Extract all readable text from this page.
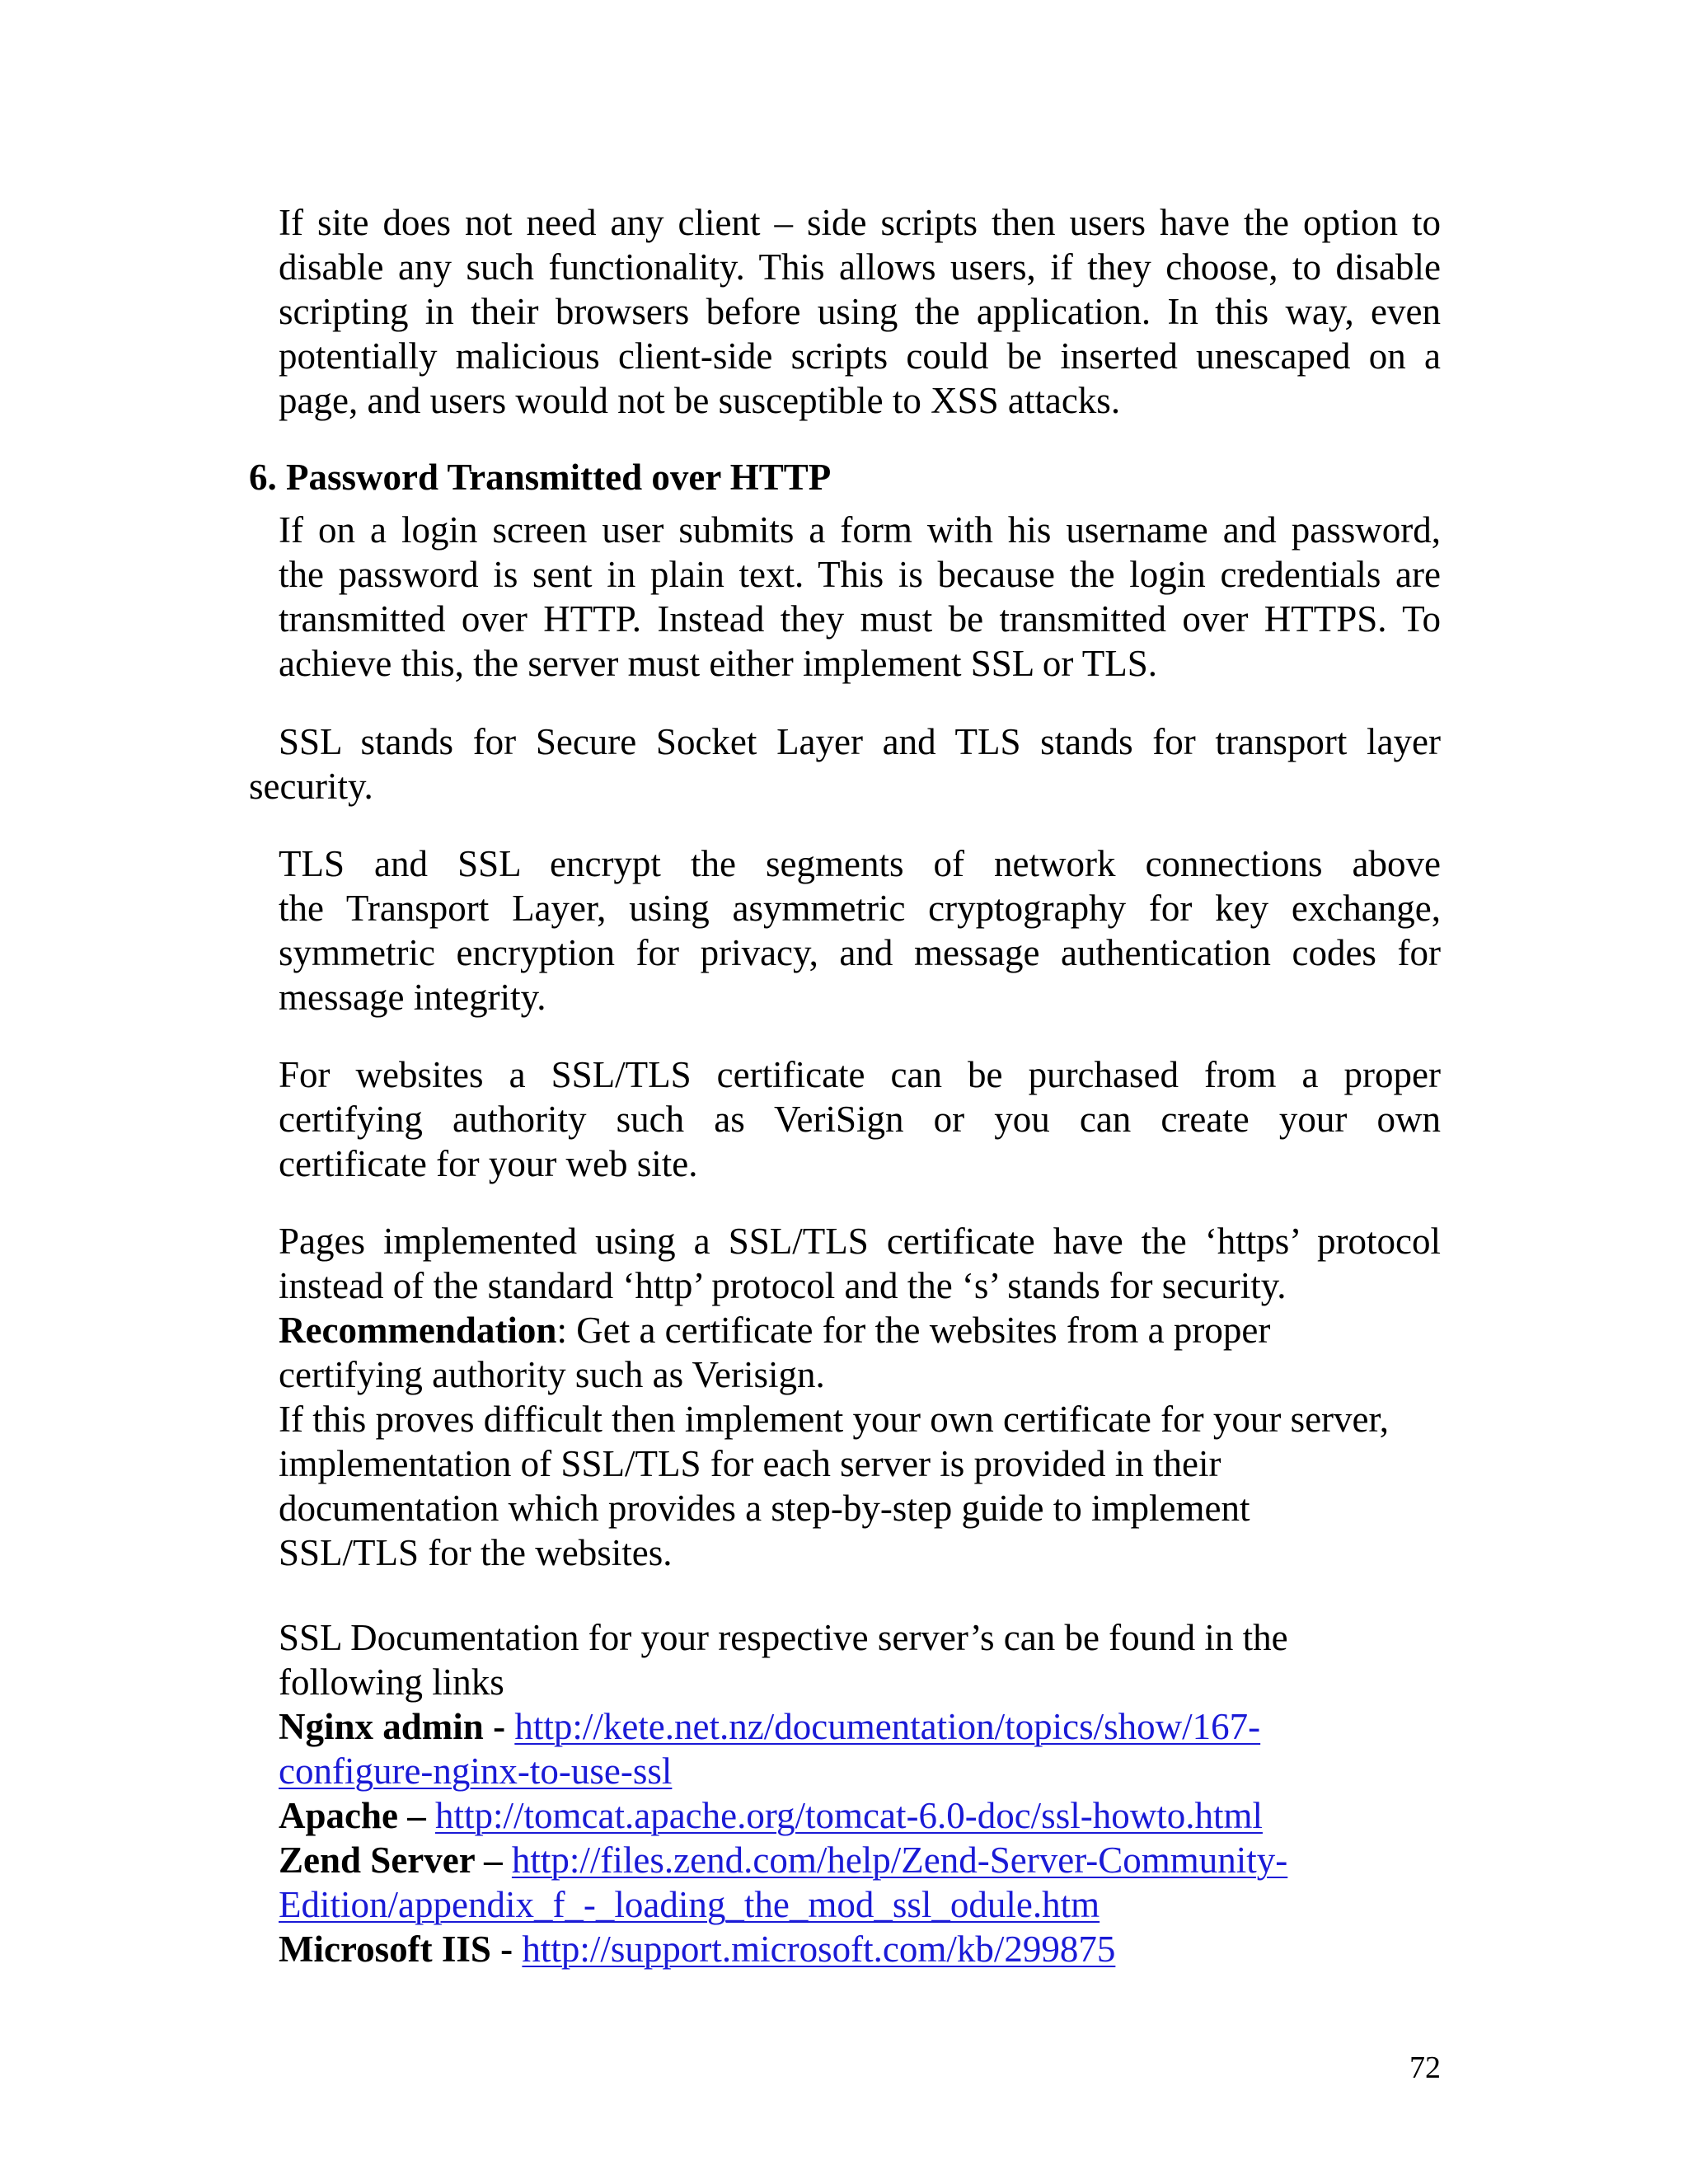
If site does not need any client – side scripts then users have the option to
disable any such functionality. This allows users, if they choose, to disable
scripting in their browsers before using the application. In this way, even
potentially malicious client-side scripts could be inserted unescaped on a
page, and users would not be susceptible to XSS attacks.
6. Password Transmitted over HTTP
If on a login screen user submits a form with his username and password,
the password is sent in plain text. This is because the login credentials are
transmitted over HTTP. Instead they must be transmitted over HTTPS. To
achieve this, the server must either implement SSL or TLS.
SSL stands for Secure Socket Layer and TLS stands for transport layer
security.
TLS and SSL encrypt the segments of network connections above
the Transport Layer, using asymmetric cryptography for key exchange,
symmetric encryption for privacy, and message authentication codes for
message integrity.
For websites a SSL/TLS certificate can be purchased from a proper
certifying authority such as VeriSign or you can create your own
certificate for your web site.
Pages implemented using a SSL/TLS certificate have the ‘https’ protocol
instead of the standard ‘http’ protocol and the ‘s’ stands for security.
Recommendation: Get a certificate for the websites from a proper
certifying authority such as Verisign.
If this proves difficult then implement your own certificate for your server,
implementation of SSL/TLS for each server is provided in their
documentation which provides a step-by-step guide to implement
SSL/TLS for the websites.
SSL Documentation for your respective server’s can be found in the
following links
Nginx admin - http://kete.net.nz/documentation/topics/show/167-
configure-nginx-to-use-ssl
Apache – http://tomcat.apache.org/tomcat-6.0-doc/ssl-howto.html
Zend Server – http://files.zend.com/help/Zend-Server-Community-
Edition/appendix_f_-_loading_the_mod_ssl_odule.htm
Microsoft IIS - http://support.microsoft.com/kb/299875
72
